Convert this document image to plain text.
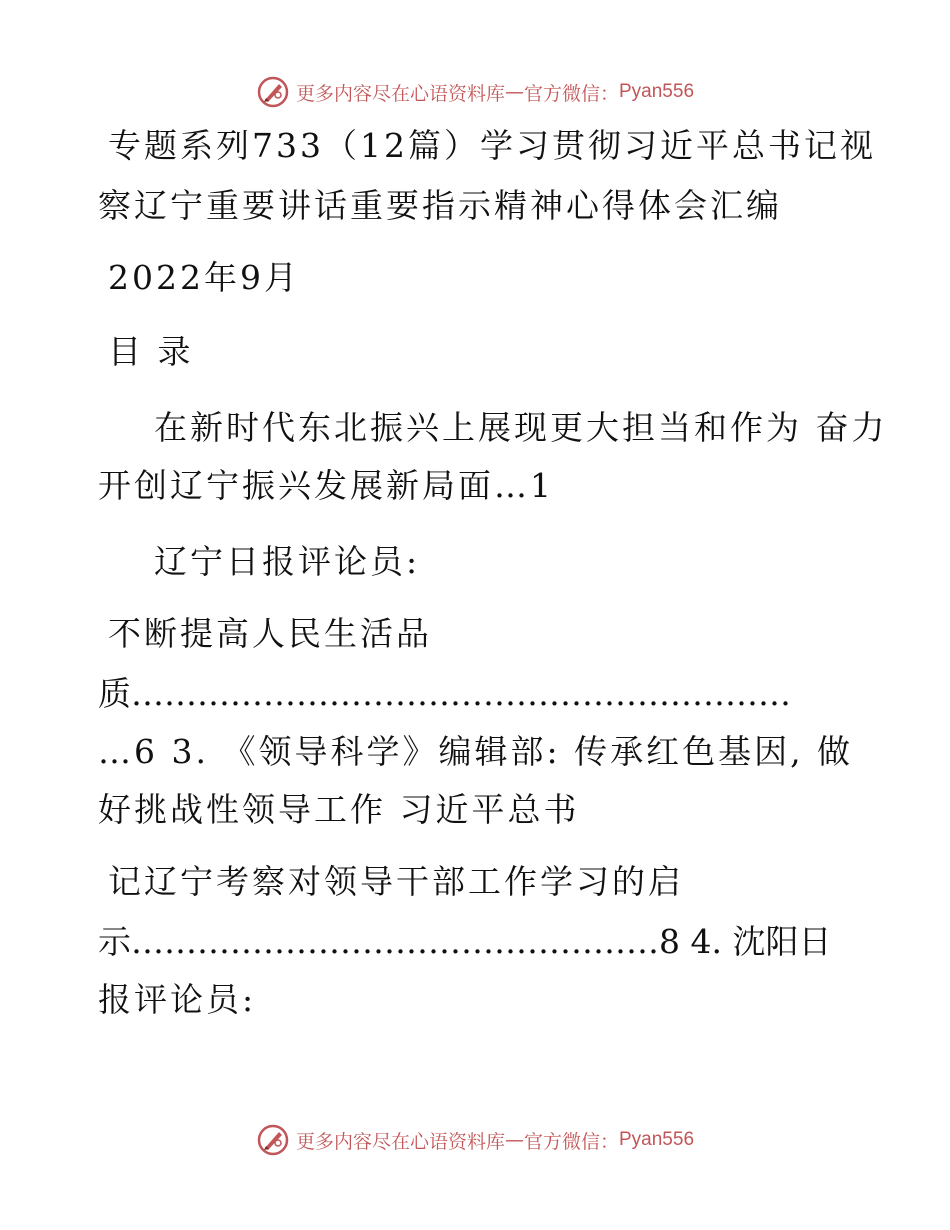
更多内容尽在心语资料库 — 官方微信： Pyan556
专题系列733（12篇）学习贯彻习近平总书记视
察辽宁重要讲话重要指示精神心得体会汇编
2022年9月
目 录
在新时代东北振兴上展现更大担当和作为 奋力
开创辽宁振兴发展新局面…1
辽宁日报评论员:
不断提高人民生活品
质……………………………………………………
…6 3. 《领导科学》编辑部: 传承红色基因, 做
好挑战性领导工作 习近平总书
记辽宁考察对领导干部工作学习的启
示…………………………………………8 4. 沈阳日
报评论员:
更多内容尽在心语资料库 — 官方微信： Pyan556
